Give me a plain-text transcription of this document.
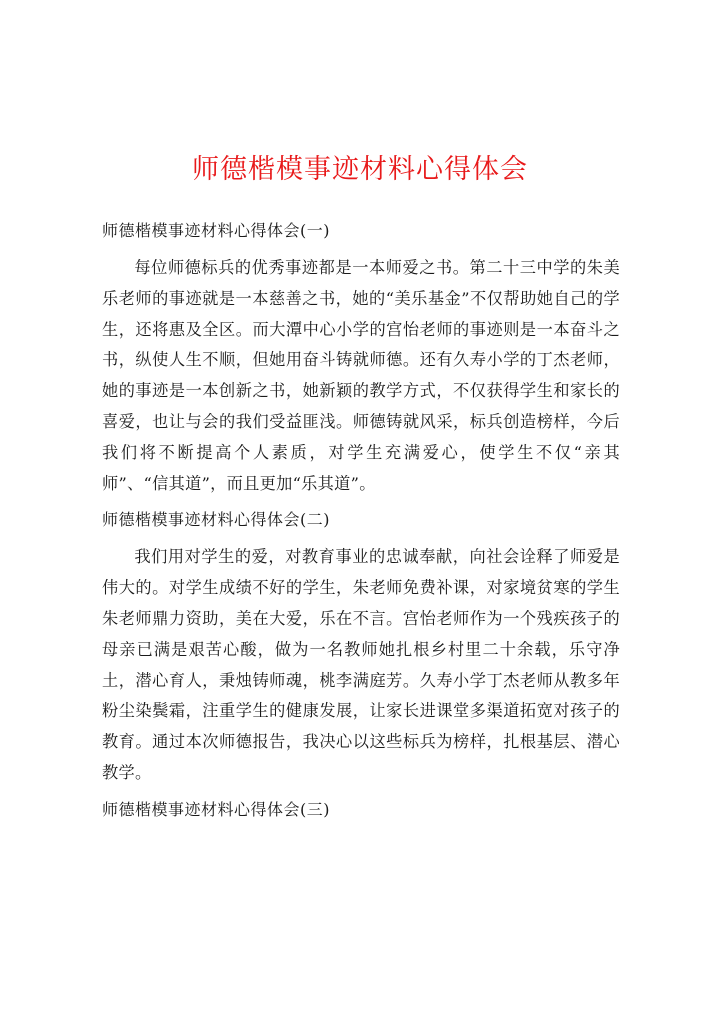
师德楷模事迹材料心得体会
师德楷模事迹材料心得体会(一)

每位师德标兵的优秀事迹都是一本师爱之书。第二十三中学的朱美乐老师的事迹就是一本慈善之书，她的“美乐基金”不仅帮助她自己的学生，还将惠及全区。而大潭中心小学的宫怡老师的事迹则是一本奋斗之书，纵使人生不顺，但她用奋斗铸就师德。还有久寿小学的丁杰老师，她的事迹是一本创新之书，她新颖的教学方式，不仅获得学生和家长的喜爱，也让与会的我们受益匪浅。师德铸就风采，标兵创造榜样，今后我们将不断提高个人素质，对学生充满爱心，使学生不仅“亲其师”、“信其道”，而且更加“乐其道”。

师德楷模事迹材料心得体会(二)

我们用对学生的爱，对教育事业的忠诚奉献，向社会诠释了师爱是伟大的。对学生成绩不好的学生，朱老师免费补课，对家境贫寒的学生朱老师鼎力资助，美在大爱，乐在不言。宫怡老师作为一个残疾孩子的母亲已满是艰苦心酸，做为一名教师她扎根乡村里二十余载，乐守净土，潜心育人，秉烛铸师魂，桃李满庭芳。久寿小学丁杰老师从教多年粉尘染鬓霜，注重学生的健康发展，让家长进课堂多渠道拓宽对孩子的教育。通过本次师德报告，我决心以这些标兵为榜样，扎根基层、潜心教学。

师德楷模事迹材料心得体会(三)
